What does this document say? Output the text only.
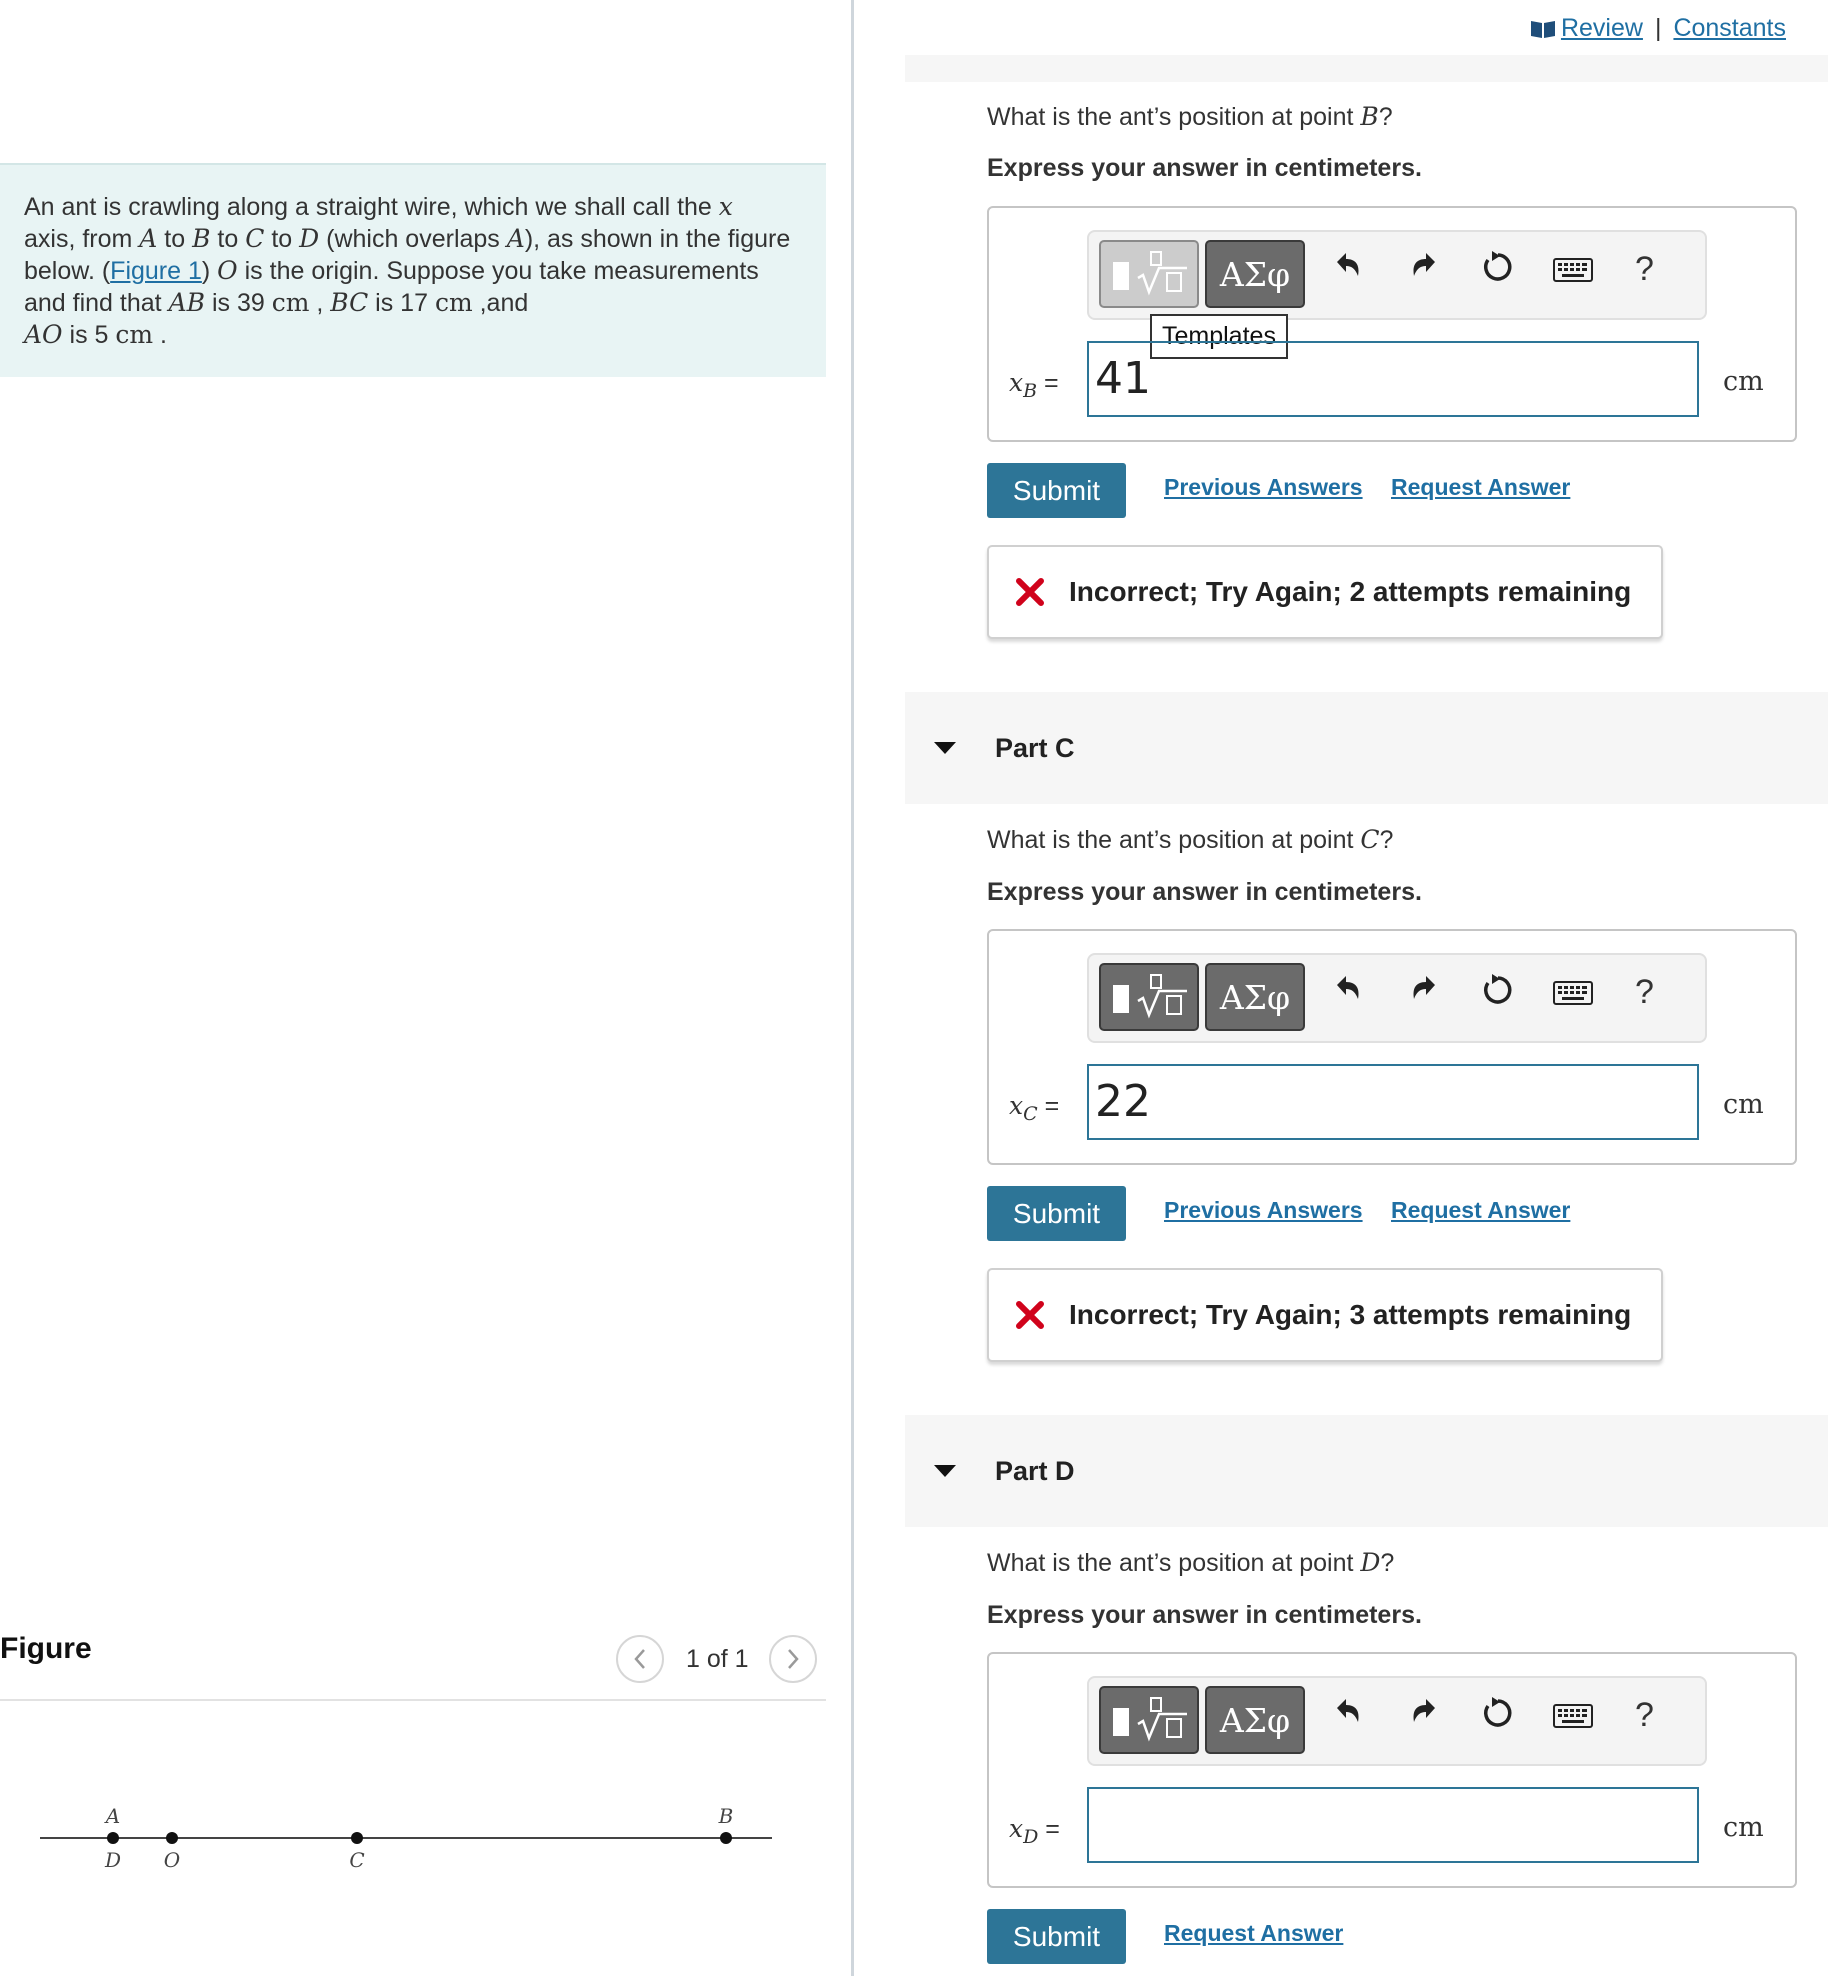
An ant is crawling along a straight wire, which we shall call the x
axis, from A to B to C to D (which overlaps A), as shown in the figure below. (Figure 1) O is the origin. Suppose you take measurements and find that AB is 39 cm , BC is 17 cm ,and
AO is 5 cm .
Figure	1 of 1
A
D O	C
B
Review | Constants
What is the ant’s position at point B?
Express your answer in centimeters.
ΑΣφ	?
Templates
$x_B = 41$	cm
Submit	Previous Answers Request Answer
Incorrect; Try Again; 2 attempts remaining
Part C
What is the ant’s position at point C?
Express your answer in centimeters.
ΑΣφ	?
$x_C = 22$	cm
Submit	Previous Answers Request Answer
Incorrect; Try Again; 3 attempts remaining
Part D
What is the ant’s position at point D?
Express your answer in centimeters.
ΑΣφ	?
$x_D$ =	cm
Submit	Request Answer
